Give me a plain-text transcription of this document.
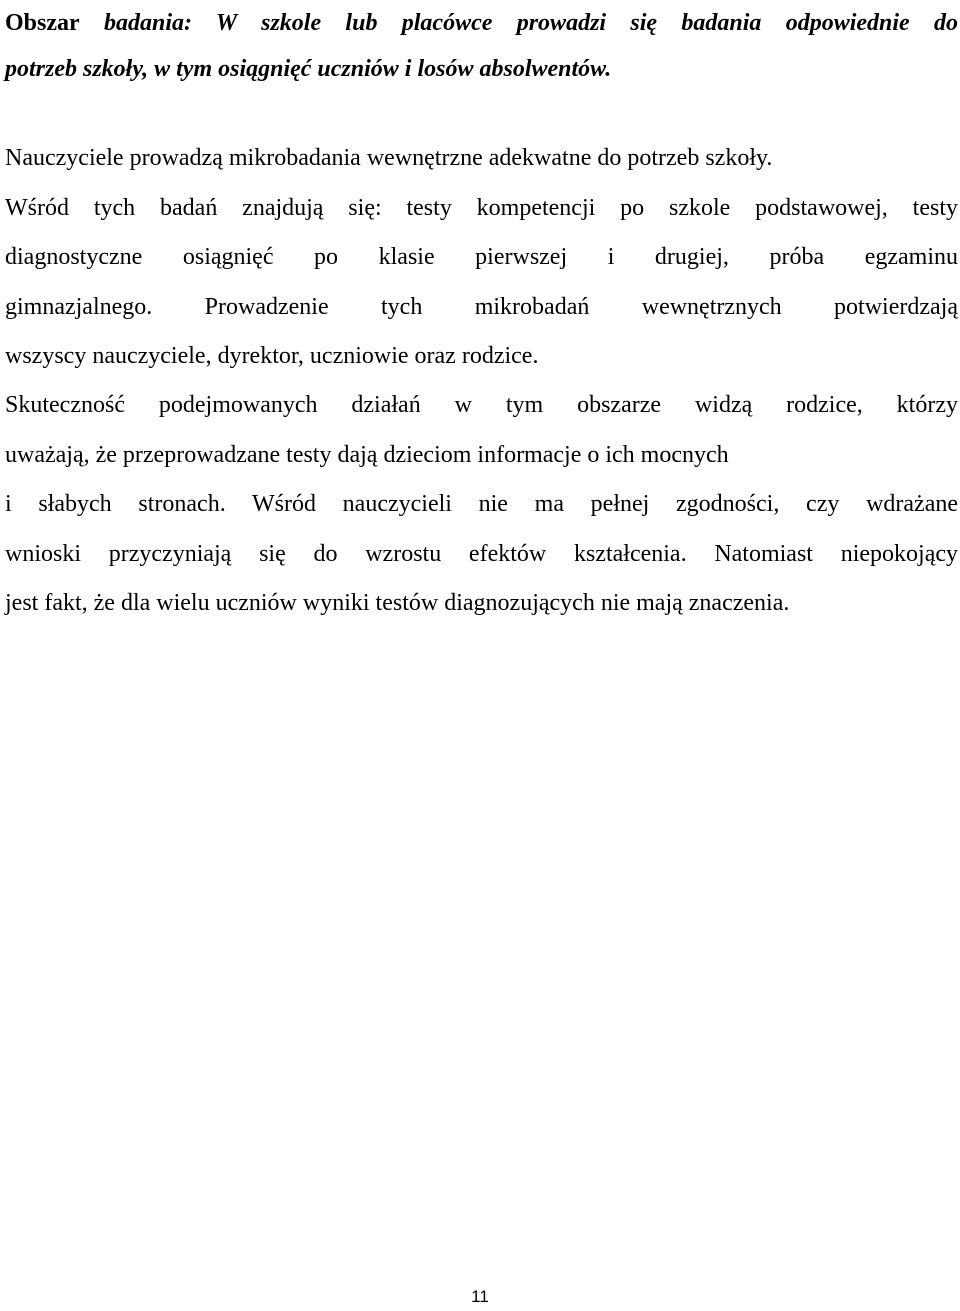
Obszar badania: W szkole lub placówce prowadzi się badania odpowiednie do
potrzeb szkoły, w tym osiągnięć uczniów i losów absolwentów.
Nauczyciele prowadzą mikrobadania wewnętrzne adekwatne do potrzeb szkoły.
Wśród tych badań znajdują się: testy kompetencji po szkole podstawowej, testy
diagnostyczne osiągnięć po klasie pierwszej i drugiej, próba egzaminu
gimnazjalnego. Prowadzenie tych mikrobadań wewnętrznych potwierdzają
wszyscy nauczyciele, dyrektor, uczniowie oraz rodzice.
Skuteczność podejmowanych działań w tym obszarze widzą rodzice, którzy
uważają, że przeprowadzane testy dają dzieciom informacje o ich mocnych
i słabych stronach. Wśród nauczycieli nie ma pełnej zgodności, czy wdrażane
wnioski przyczyniają się do wzrostu efektów kształcenia. Natomiast niepokojący
jest fakt, że dla wielu uczniów wyniki testów diagnozujących nie mają znaczenia.
11
